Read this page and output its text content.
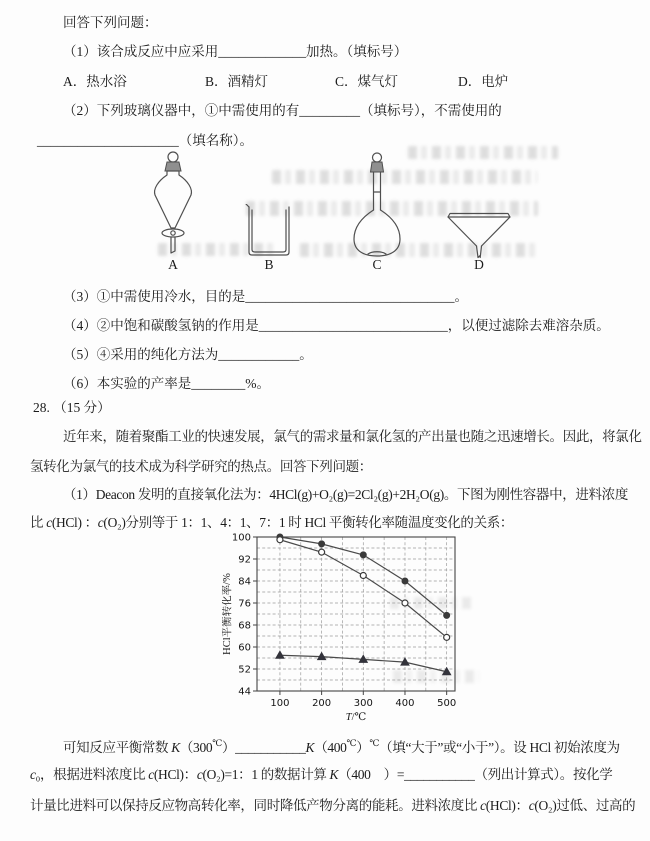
回答下列问题：
（1）该合成反应中应采用_____________加热。（填标号）
A．热水浴	B．酒精灯	C．煤气灯	D．电炉
（2）下列玻璃仪器中，①中需使用的有_________（填标号），不需使用的
_____________________（填名称）。
A	B	C	D
（3）①中需使用冷水，目的是_______________________________。
（4）②中饱和碳酸氢钠的作用是____________________________，以便过滤除去难溶杂质。
（5）④采用的纯化方法为____________。
（6）本实验的产率是________%。
28. （15 分）
近年来，随着聚酯工业的快速发展，氯气的需求量和氯化氢的产出量也随之迅速增长。因此，将氯化
氢转化为氯气的技术成为科学研究的热点。回答下列问题：
（1）Deacon 发明的直接氧化法为：4HCl(g)+O₂(g)=2Cl₂(g)+2H₂O(g)。下图为刚性容器中，进料浓度
比 c(HCl) ：c(O₂)分别等于 1：1、4：1、7：1 时 HCl 平衡转化率随温度变化的关系：
44
52
60
68
76
84
92
100
100 200 300 400 500
HCl平衡转化率/%
T/℃
可知反应平衡常数 K（300℃）___________K（400℃）℃（填“大于”或“小于”）。设 HCl 初始浓度为
c₀，根据进料浓度比 c(HCl)：c(O₂)=1：1 的数据计算 K（400　）=___________（列出计算式）。按化学
计量比进料可以保持反应物高转化率，同时降低产物分离的能耗。进料浓度比 c(HCl)：c(O₂)过低、过高的
